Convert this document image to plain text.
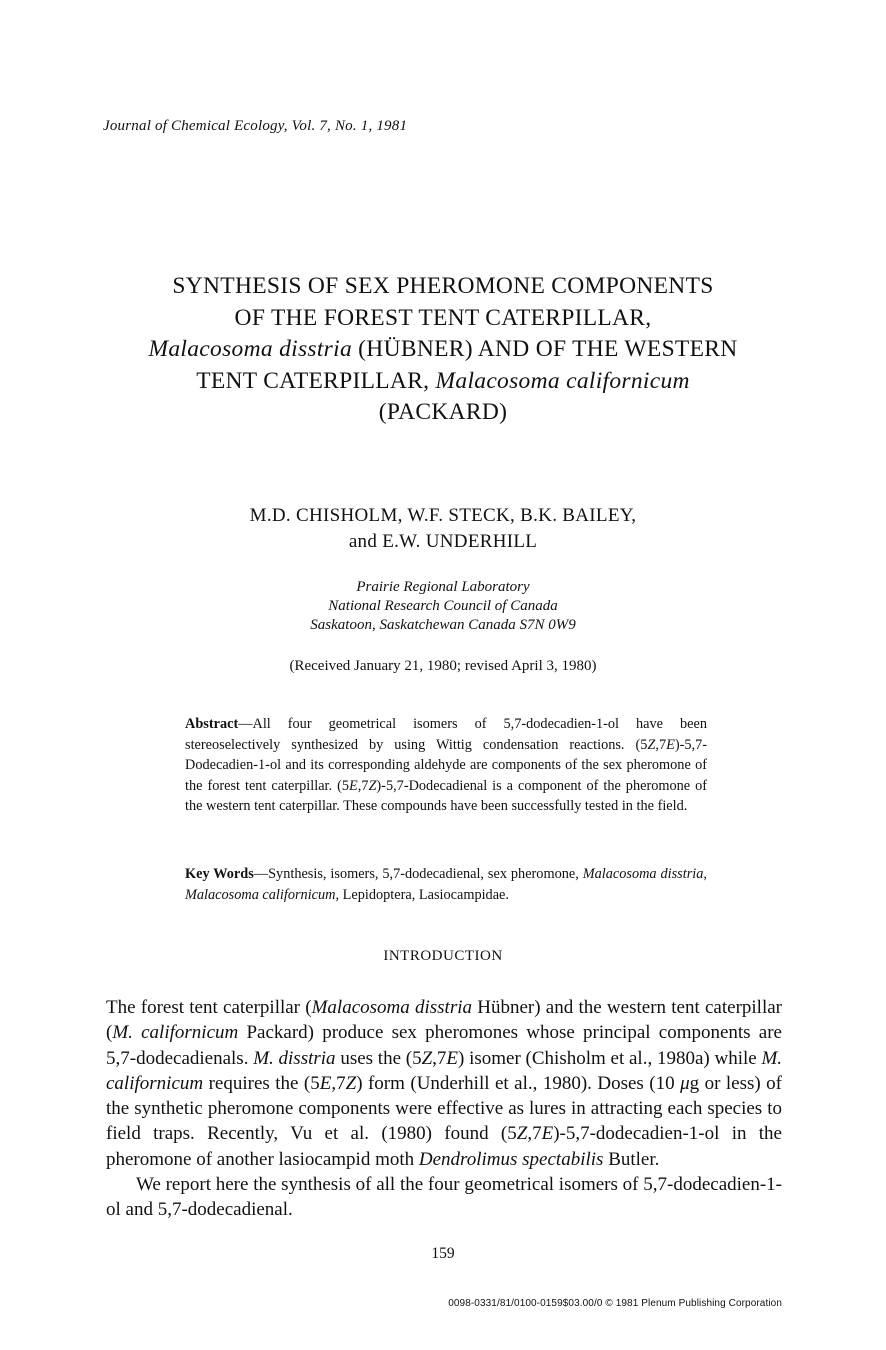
Journal of Chemical Ecology, Vol. 7, No. 1, 1981
SYNTHESIS OF SEX PHEROMONE COMPONENTS
OF THE FOREST TENT CATERPILLAR,
Malacosoma disstria (HÜBNER) AND OF THE WESTERN
TENT CATERPILLAR, Malacosoma californicum
(PACKARD)
M.D. CHISHOLM, W.F. STECK, B.K. BAILEY,
and E.W. UNDERHILL
Prairie Regional Laboratory
National Research Council of Canada
Saskatoon, Saskatchewan Canada S7N 0W9
(Received January 21, 1980; revised April 3, 1980)
Abstract—All four geometrical isomers of 5,7-dodecadien-1-ol have been stereoselectively synthesized by using Wittig condensation reactions. (5Z,7E)-5,7-Dodecadien-1-ol and its corresponding aldehyde are components of the sex pheromone of the forest tent caterpillar. (5E,7Z)-5,7-Dodecadienal is a component of the pheromone of the western tent caterpillar. These compounds have been successfully tested in the field.
Key Words—Synthesis, isomers, 5,7-dodecadienal, sex pheromone, Malacosoma disstria, Malacosoma californicum, Lepidoptera, Lasiocampidae.
INTRODUCTION

The forest tent caterpillar (Malacosoma disstria Hübner) and the western tent caterpillar (M. californicum Packard) produce sex pheromones whose principal components are 5,7-dodecadienals. M. disstria uses the (5Z,7E) isomer (Chisholm et al., 1980a) while M. californicum requires the (5E,7Z) form (Underhill et al., 1980). Doses (10 μg or less) of the synthetic pheromone components were effective as lures in attracting each species to field traps. Recently, Vu et al. (1980) found (5Z,7E)-5,7-dodecadien-1-ol in the pheromone of another lasiocampid moth Dendrolimus spectabilis Butler.

We report here the synthesis of all the four geometrical isomers of 5,7-dodecadien-1-ol and 5,7-dodecadienal.

159
0098-0331/81/0100-0159$03.00/0 © 1981 Plenum Publishing Corporation
